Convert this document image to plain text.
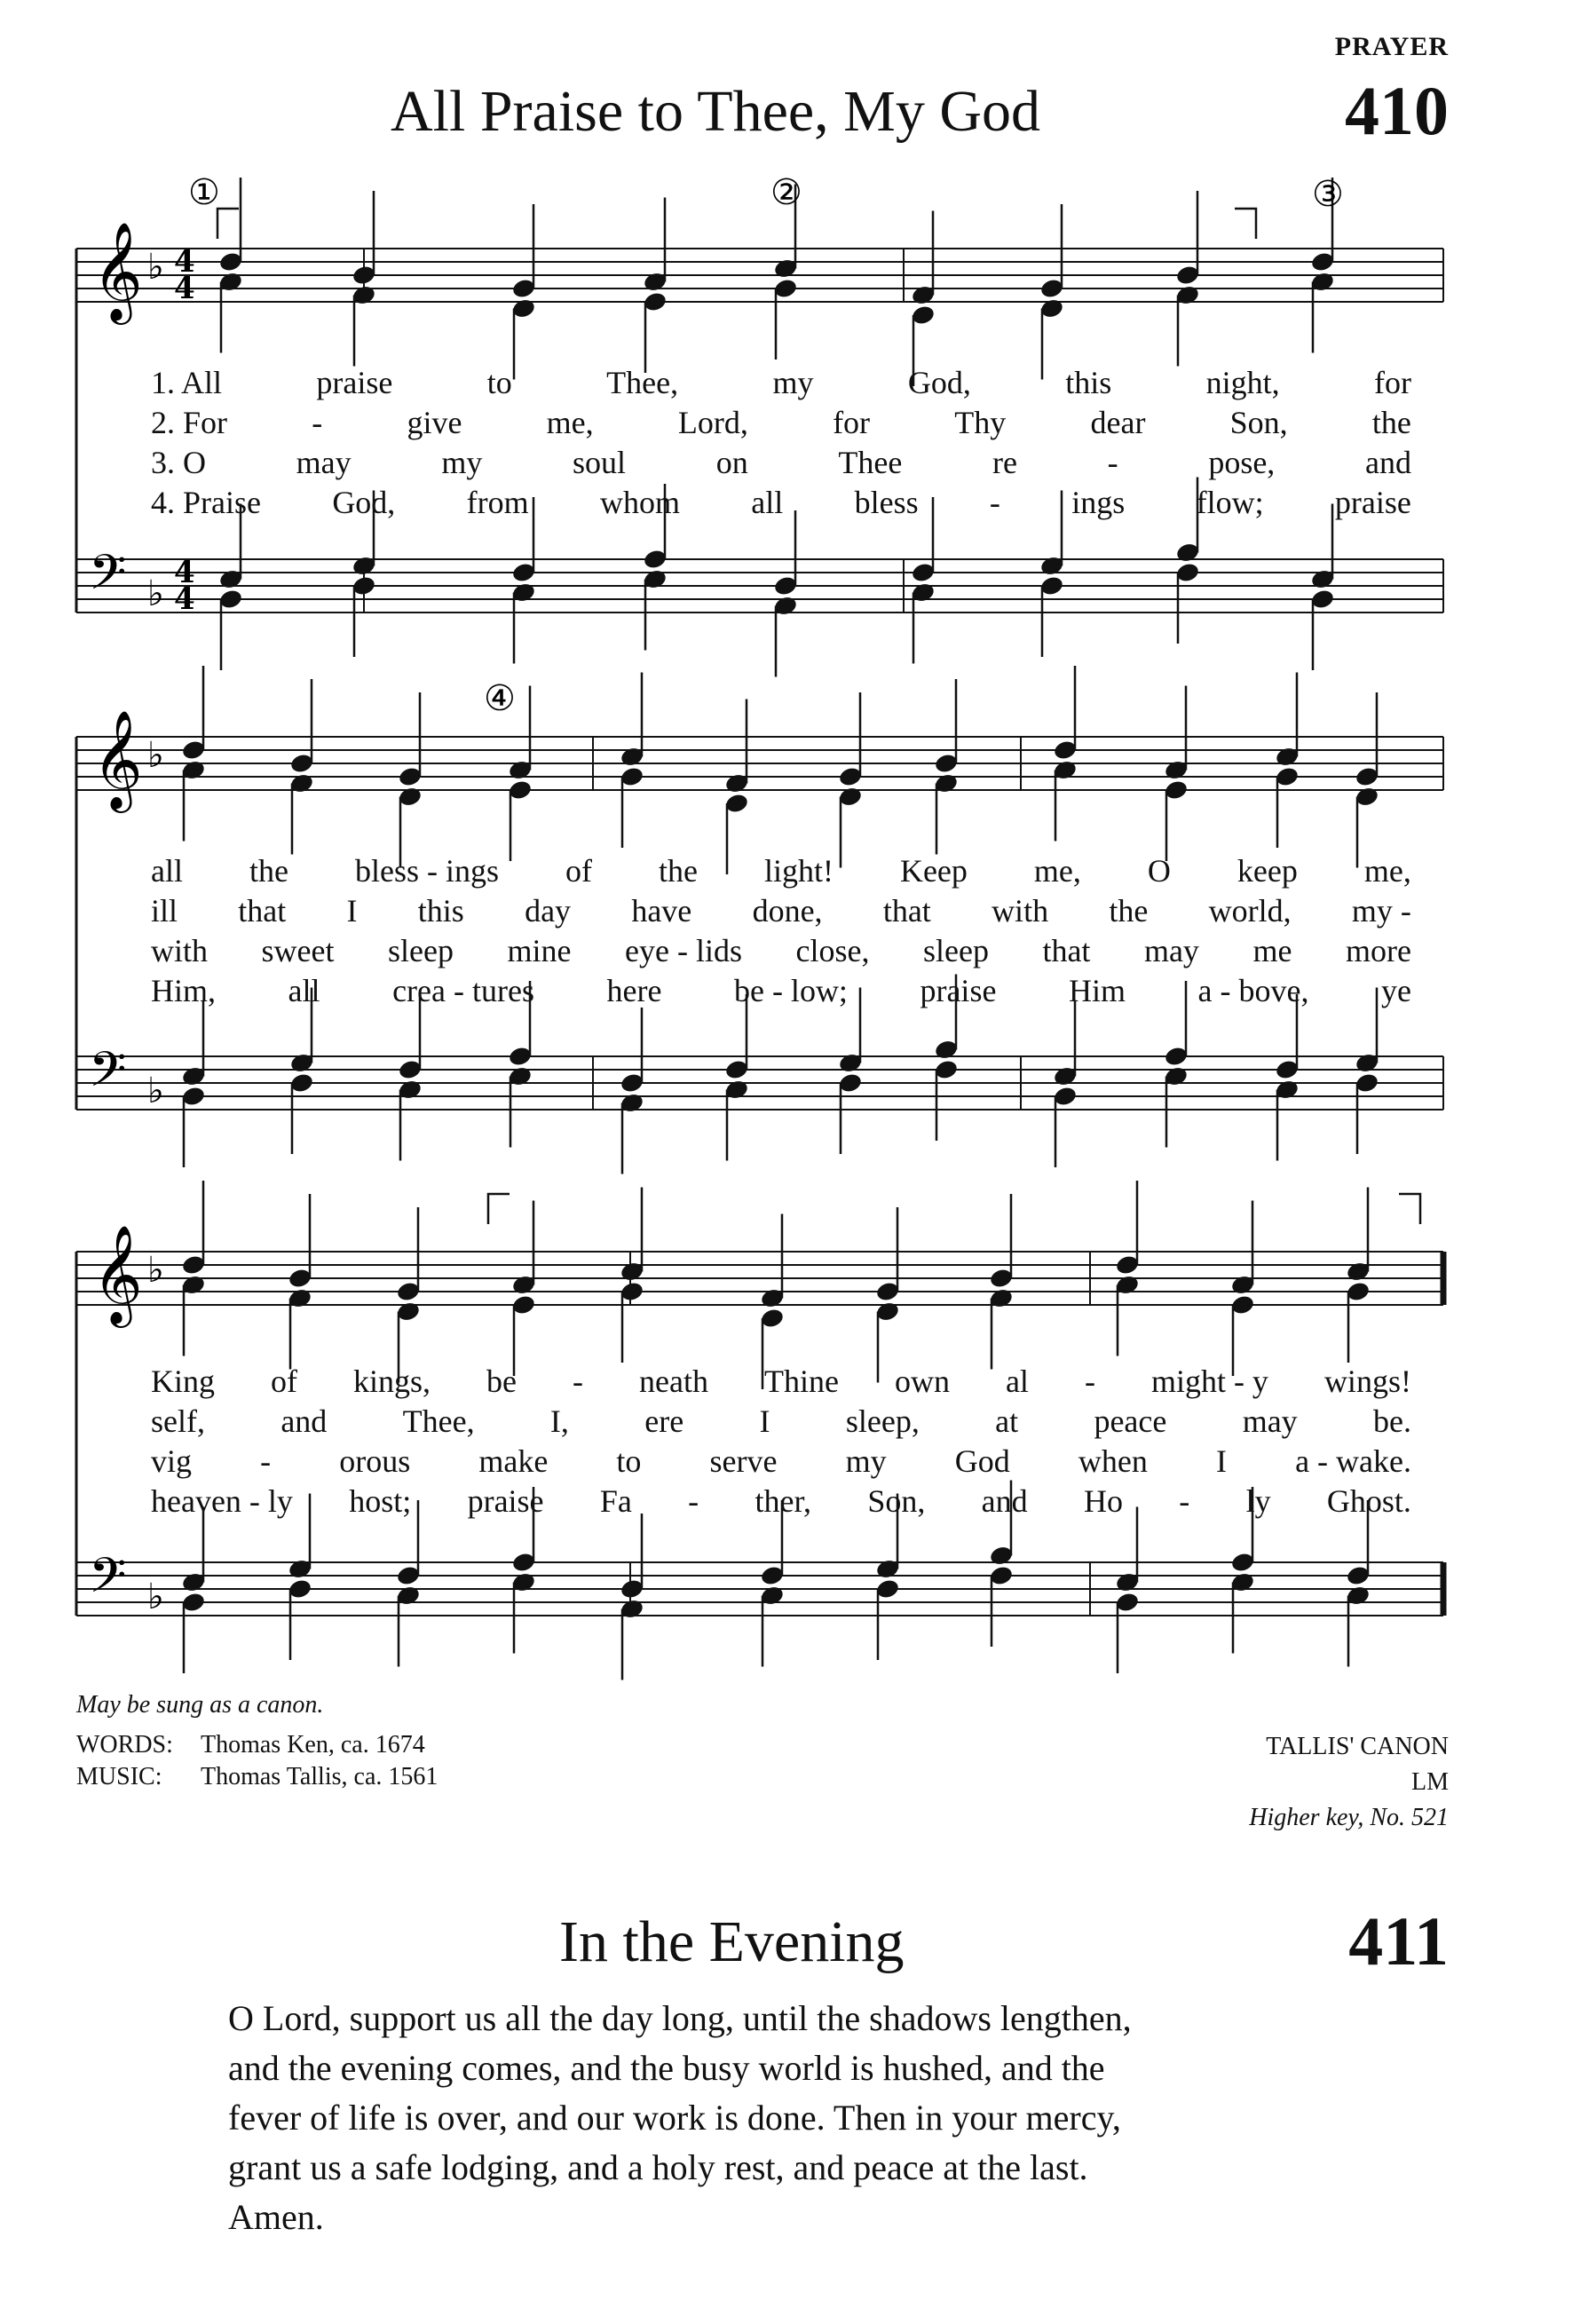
PRAYER
All Praise to Thee, My God	410
𝄞
𝄢
♭
♭
4
4
4
4
𝄞
𝄢
♭
♭
𝄞
𝄢
♭
♭
①	②	③
④
1. All	praise	to	Thee,	my	God,	this	night,	for
2. For	-	give	me,	Lord,	for	Thy	dear	Son,	the
3. O	may	my	soul	on	Thee	re	-	pose,	and
4. Praise God, from whom all bless - ings flow; praise
all the bless - ings of the light! Keep me, O keep me,
ill that I this day have done, that with the world, my -
with sweet sleep mine eye - lids close, sleep that may me more
Him, all crea - tures here be - low; praise Him a - bove, ye
King of kings, be - neath Thine own al - might - y wings!
self, and Thee, I, ere I sleep, at peace may be.
vig - orous make to serve my God when I a - wake.
heaven - ly host; praise Fa - ther, Son, and Ho - ly Ghost.
May be sung as a canon.
WORDS:	Thomas Ken, ca. 1674
MUSIC:	Thomas Tallis, ca. 1561
TALLIS' CANON
LM
Higher key, No. 521
In the Evening	411

O Lord, support us all the day long, until the shadows lengthen,

and the evening comes, and the busy world is hushed, and the

fever of life is over, and our work is done. Then in your mercy,

grant us a safe lodging, and a holy rest, and peace at the last.

Amen.
